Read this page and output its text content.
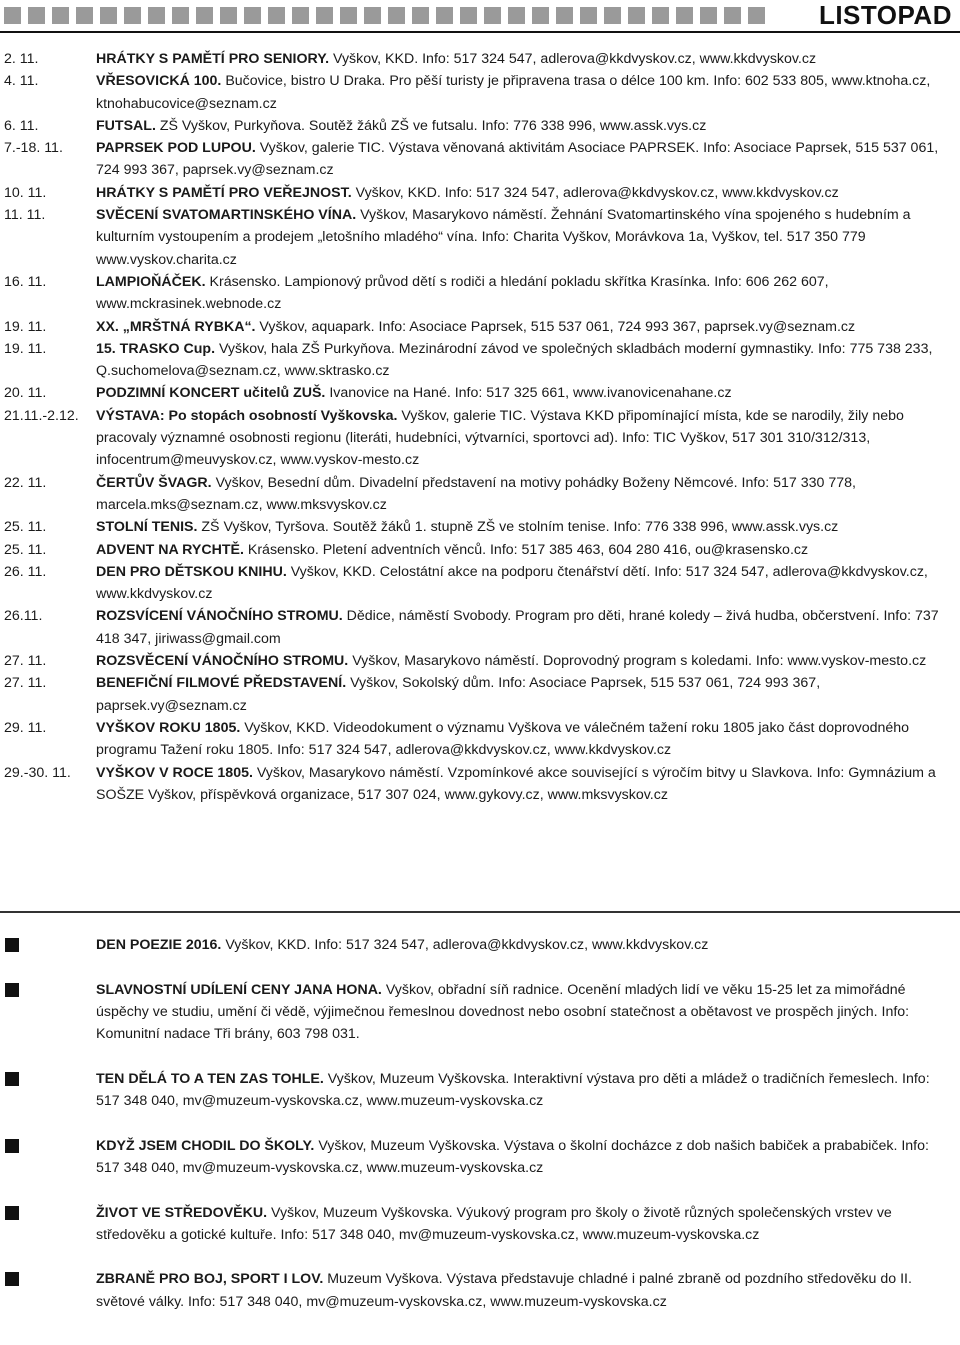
LISTOPAD
2. 11.	HRÁTKY S PAMĚTÍ PRO SENIORY. Vyškov, KKD. Info: 517 324 547, adlerova@kkdvyskov.cz, www.kkdvyskov.cz
4. 11.	VŘESOVICKÁ 100. Bučovice, bistro U Draka. Pro pěší turisty je připravena trasa o délce 100 km. Info: 602 533 805, www.ktnoha.cz, ktnohabucovice@seznam.cz
6. 11.	FUTSAL. ZŠ Vyškov, Purkyňova. Soutěž žáků ZŠ ve futsalu. Info: 776 338 996, www.assk.vys.cz
7.-18. 11.	PAPRSEK POD LUPOU. Vyškov, galerie TIC. Výstava věnovaná aktivitám Asociace PAPRSEK. Info: Asociace Paprsek, 515 537 061, 724 993 367, paprsek.vy@seznam.cz
10. 11.	HRÁTKY S PAMĚTÍ PRO VEŘEJNOST. Vyškov, KKD. Info: 517 324 547, adlerova@kkdvyskov.cz, www.kkdvyskov.cz
11. 11.	SVĚCENÍ SVATOMARTINSKÉHO VÍNA. Vyškov, Masarykovo náměstí. Žehnání Svatomartinského vína spojeného s hudebním a kulturním vystoupením a prodejem „letošního mladého“ vína. Info: Charita Vyškov, Morávkova 1a, Vyškov, tel. 517 350 779 www.vyskov.charita.cz
16. 11.	LAMPIOŇÁČEK. Krásensko. Lampionový průvod dětí s rodiči a hledání pokladu skřítka Krasínka. Info: 606 262 607, www.mckrasinek.webnode.cz
19. 11.	XX. „MRŠTNÁ RYBKA“. Vyškov, aquapark. Info: Asociace Paprsek, 515 537 061, 724 993 367, paprsek.vy@seznam.cz
19. 11.	15. TRASKO Cup. Vyškov, hala ZŠ Purkyňova. Mezinárodní závod ve společných skladbách moderní gymnastiky. Info: 775 738 233, Q.suchomelova@seznam.cz, www.sktrasko.cz
20. 11.	PODZIMNÍ KONCERT učitelů ZUŠ. Ivanovice na Hané. Info: 517 325 661, www.ivanovicenahane.cz
21.11.-2.12.	VÝSTAVA: Po stopách osobností Vyškovska. Vyškov, galerie TIC. Výstava KKD připomínající místa, kde se narodily, žily nebo pracovaly významné osobnosti regionu (literáti, hudebníci, výtvarníci, sportovci ad). Info: TIC Vyškov, 517 301 310/312/313, infocentrum@meuvyskov.cz, www.vyskov-mesto.cz
22. 11.	ČERTŮV ŠVAGR. Vyškov, Besední dům. Divadelní představení na motivy pohádky Boženy Němcové. Info: 517 330 778, marcela.mks@seznam.cz, www.mksvyskov.cz
25. 11.	STOLNÍ TENIS. ZŠ Vyškov, Tyršova. Soutěž žáků 1. stupně ZŠ ve stolním tenise. Info: 776 338 996, www.assk.vys.cz
25. 11.	ADVENT NA RYCHTĚ. Krásensko. Pletení adventních věnců. Info: 517 385 463, 604 280 416, ou@krasensko.cz
26. 11.	DEN PRO DĚTSKOU KNIHU. Vyškov, KKD. Celostátní akce na podporu čtenářství dětí. Info: 517 324 547, adlerova@kkdvyskov.cz, www.kkdvyskov.cz
26.11.	ROZSVÍCENÍ VÁNOČNÍHO STROMU. Dědice, náměstí Svobody. Program pro děti, hrané koledy – živá hudba, občerstvení. Info: 737 418 347, jiriwass@gmail.com
27. 11.	ROZSVĚCENÍ VÁNOČNÍHO STROMU. Vyškov, Masarykovo náměstí. Doprovodný program s koledami. Info: www.vyskov-mesto.cz
27. 11.	BENEFIČNÍ FILMOVÉ PŘEDSTAVENÍ. Vyškov, Sokolský dům. Info: Asociace Paprsek, 515 537 061, 724 993 367, paprsek.vy@seznam.cz
29. 11.	VYŠKOV ROKU 1805. Vyškov, KKD. Videodokument o významu Vyškova ve válečném tažení roku 1805 jako část doprovodného programu Tažení roku 1805. Info: 517 324 547, adlerova@kkdvyskov.cz, www.kkdvyskov.cz
29.-30. 11.	VYŠKOV V ROCE 1805. Vyškov, Masarykovo náměstí. Vzpomínkové akce související s výročím bitvy u Slavkova. Info: Gymnázium a SOŠZE Vyškov, příspěvková organizace, 517 307 024, www.gykovy.cz, www.mksvyskov.cz
DEN POEZIE 2016. Vyškov, KKD. Info: 517 324 547, adlerova@kkdvyskov.cz, www.kkdvyskov.cz
SLAVNOSTNÍ UDÍLENÍ CENY JANA HONA. Vyškov, obřadní síň radnice. Ocenění mladých lidí ve věku 15-25 let za mimořádné úspěchy ve studiu, umění či vědě, výjimečnou řemeslnou dovednost nebo osobní statečnost a obětavost ve prospěch jiných. Info: Komunitní nadace Tři brány, 603 798 031.
TEN DĚLÁ TO A TEN ZAS TOHLE. Vyškov, Muzeum Vyškovska. Interaktivní výstava pro děti a mládež o tradičních řemeslech. Info: 517 348 040, mv@muzeum-vyskovska.cz, www.muzeum-vyskovska.cz
KDYŽ JSEM CHODIL DO ŠKOLY. Vyškov, Muzeum Vyškovska. Výstava o školní docházce z dob našich babiček a prababiček. Info: 517 348 040, mv@muzeum-vyskovska.cz, www.muzeum-vyskovska.cz
ŽIVOT VE STŘEDOVĚKU. Vyškov, Muzeum Vyškovska. Výukový program pro školy o životě různých společenských vrstev ve středověku a gotické kultuře. Info: 517 348 040, mv@muzeum-vyskovska.cz, www.muzeum-vyskovska.cz
ZBRANĚ PRO BOJ, SPORT I LOV. Muzeum Vyškova. Výstava představuje chladné i palné zbraně od pozdního středověku do II. světové války. Info: 517 348 040, mv@muzeum-vyskovska.cz, www.muzeum-vyskovska.cz
